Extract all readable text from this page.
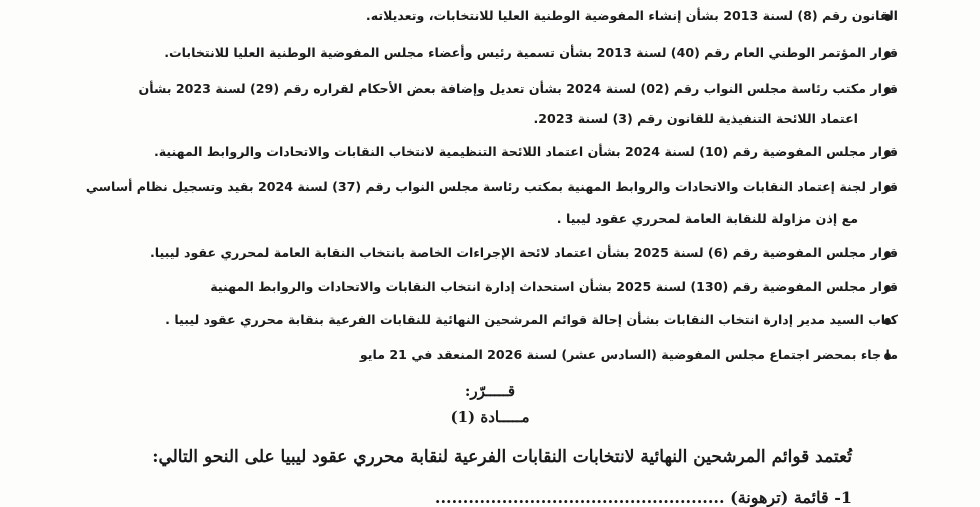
القانون رقم (8) لسنة 2013 بشأن إنشاء المفوضية الوطنية العليا للانتخابات، وتعديلاته.
قرار المؤتمر الوطني العام رقم (40) لسنة 2013 بشأن تسمية رئيس وأعضاء مجلس المفوضية الوطنية العليا للانتخابات.
قرار مكتب رئاسة مجلس النواب رقم (02) لسنة 2024 بشأن تعديل وإضافة بعض الأحكام لقراره رقم (29) لسنة 2023 بشأن
اعتماد اللائحة التنفيذية للقانون رقم (3) لسنة 2023.
قرار مجلس المفوضية رقم (10) لسنة 2024 بشأن اعتماد اللائحة التنظيمية لانتخاب النقابات والاتحادات والروابط المهنية.
قرار لجنة إعتماد النقابات والاتحادات والروابط المهنية بمكتب رئاسة مجلس النواب رقم (37) لسنة 2024 بقيد وتسجيل نظام أساسي
مع إذن مزاولة للنقابة العامة لمحرري عقود ليبيا .
قرار مجلس المفوضية رقم (6) لسنة 2025 بشأن اعتماد لائحة الإجراءات الخاصة بانتخاب النقابة العامة لمحرري عقود ليبيا.
قرار مجلس المفوضية رقم (130) لسنة 2025 بشأن استحداث إدارة انتخاب النقابات والاتحادات والروابط المهنية
كتاب السيد مدير إدارة انتخاب النقابات بشأن إحالة قوائم المرشحين النهائية للنقابات الفرعية بنقابة محرري عقود ليبيا .
ما جاء بمحضر اجتماع مجلس المفوضية (السادس عشر) لسنة 2026 المنعقد في 21 مايو
قـــــرّر:
مـــــادة (1)
تُعتمد قوائم المرشحين النهائية لانتخابات النقابات الفرعية لنقابة محرري عقود ليبيا على النحو التالي:
1- قائمة (ترهونة) ....................................................
